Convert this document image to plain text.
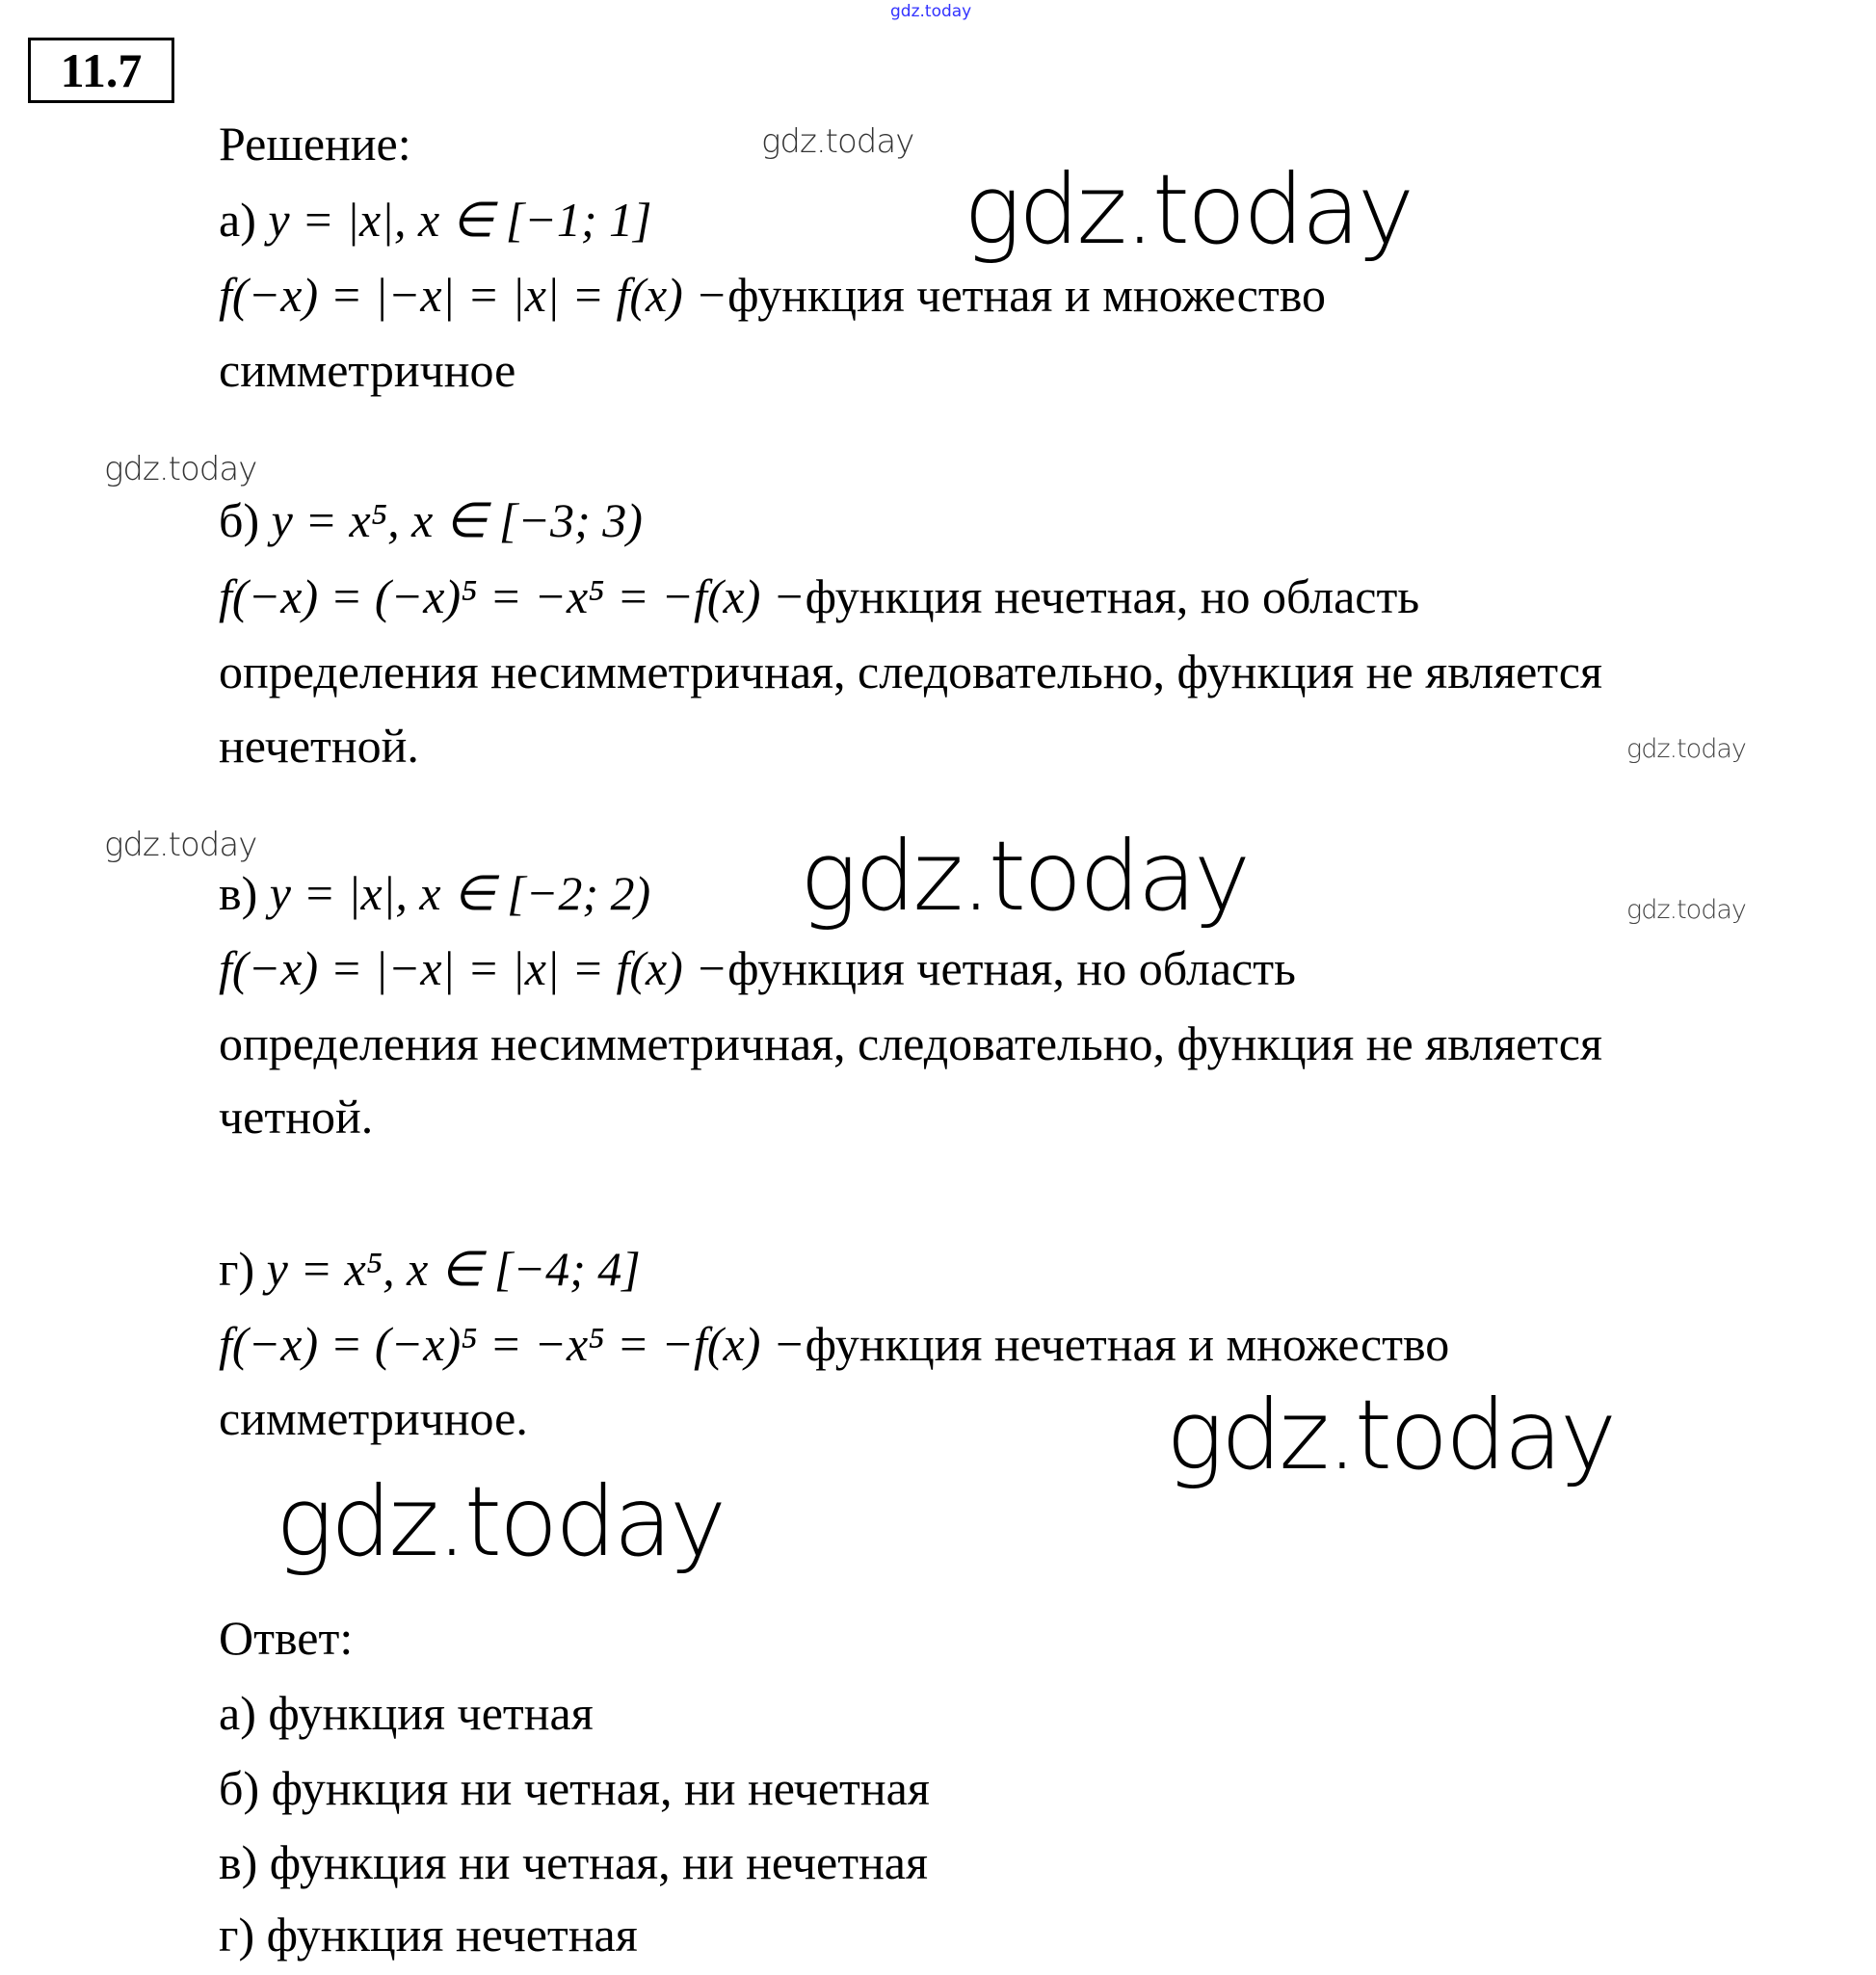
gdz.today
11.7
Решение:
а) y = |x|, x ∈ [−1; 1]
f(−x) = |−x| = |x| = f(x) −функция четная и множество
симметричное
б) y = x⁵, x ∈ [−3; 3)
f(−x) = (−x)⁵ = −x⁵ = −f(x) −функция нечетная, но область
определения несимметричная, следовательно, функция не является
нечетной.
в) y = |x|, x ∈ [−2; 2)
f(−x) = |−x| = |x| = f(x) −функция четная, но область
определения несимметричная, следовательно, функция не является
четной.
г) y = x⁵, x ∈ [−4; 4]
f(−x) = (−x)⁵ = −x⁵ = −f(x) −функция нечетная и множество
симметричное.
Ответ:
а) функция четная
б) функция ни четная, ни нечетная
в) функция ни четная, ни нечетная
г) функция нечетная
gdz.today
gdz.today
gdz.today
gdz.today
gdz.today	gdz.today	gdz.today
gdz.today
gdz.today
